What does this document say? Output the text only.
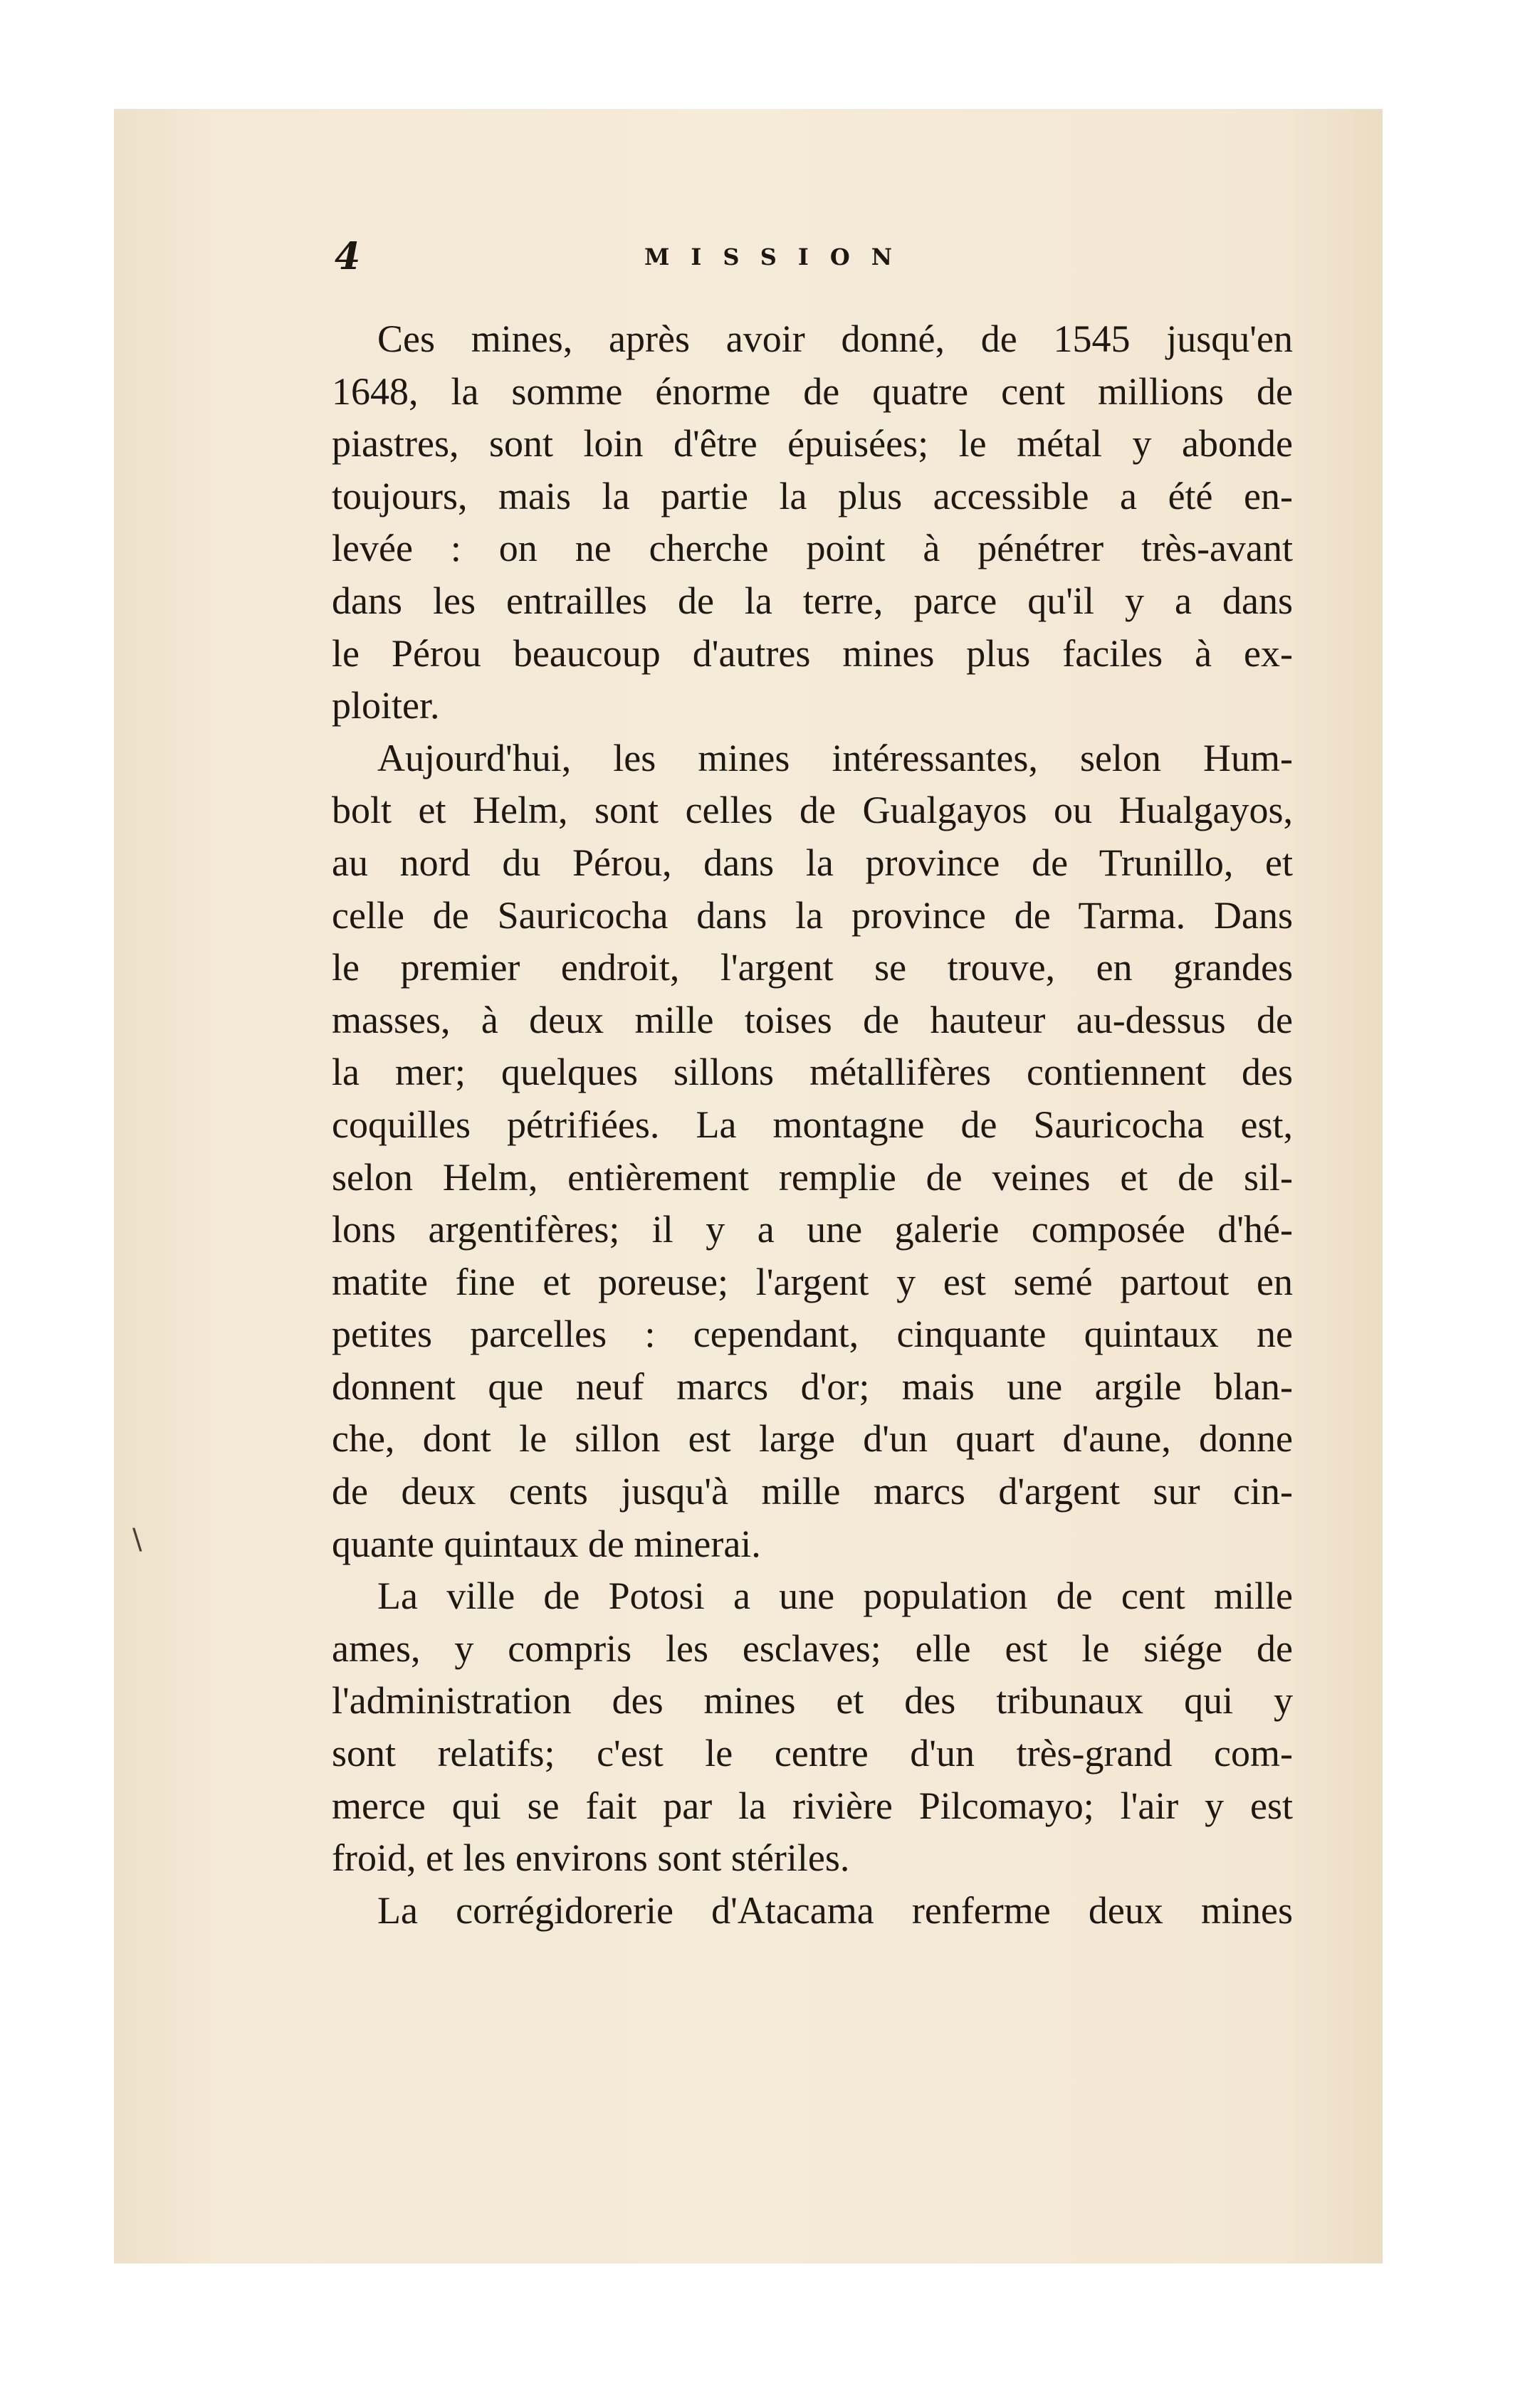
4	MISSION
Ces mines, après avoir donné, de 1545 jusqu'en
1648, la somme énorme de quatre cent millions de
piastres, sont loin d'être épuisées; le métal y abonde
toujours, mais la partie la plus accessible a été en-
levée : on ne cherche point à pénétrer très-avant
dans les entrailles de la terre, parce qu'il y a dans
le Pérou beaucoup d'autres mines plus faciles à ex-
ploiter.
Aujourd'hui, les mines intéressantes, selon Hum-
bolt et Helm, sont celles de Gualgayos ou Hualgayos,
au nord du Pérou, dans la province de Trunillo, et
celle de Sauricocha dans la province de Tarma. Dans
le premier endroit, l'argent se trouve, en grandes
masses, à deux mille toises de hauteur au-dessus de
la mer; quelques sillons métallifères contiennent des
coquilles pétrifiées. La montagne de Sauricocha est,
selon Helm, entièrement remplie de veines et de sil-
lons argentifères; il y a une galerie composée d'hé-
matite fine et poreuse; l'argent y est semé partout en
petites parcelles : cependant, cinquante quintaux ne
donnent que neuf marcs d'or; mais une argile blan-
che, dont le sillon est large d'un quart d'aune, donne
de deux cents jusqu'à mille marcs d'argent sur cin-
quante quintaux de minerai.
La ville de Potosi a une population de cent mille
ames, y compris les esclaves; elle est le siége de
l'administration des mines et des tribunaux qui y
sont relatifs; c'est le centre d'un très-grand com-
merce qui se fait par la rivière Pilcomayo; l'air y est
froid, et les environs sont stériles.
La corrégidorerie d'Atacama renferme deux mines
\
